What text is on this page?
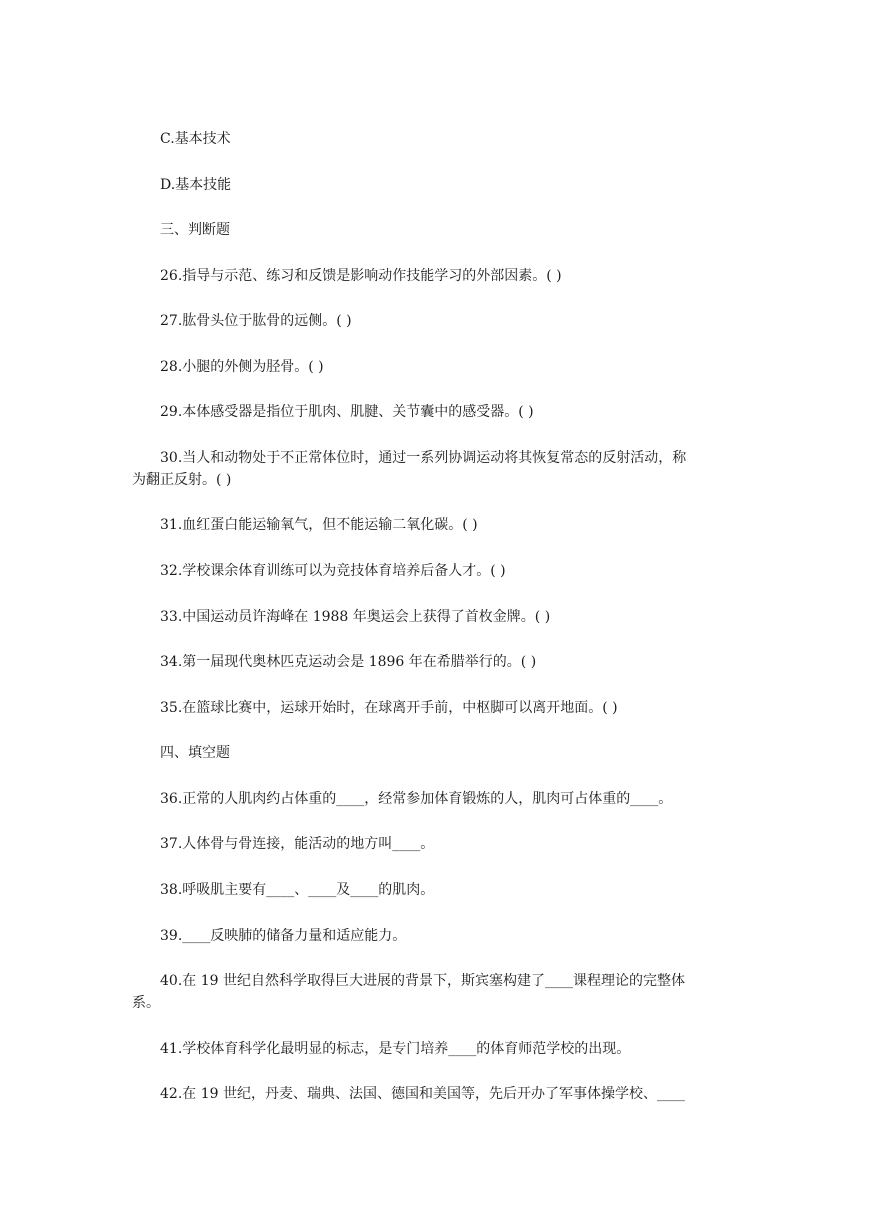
C.基本技术
D.基本技能
三、判断题
26.指导与示范、练习和反馈是影响动作技能学习的外部因素。( )
27.肱骨头位于肱骨的远侧。( )
28.小腿的外侧为胫骨。( )
29.本体感受器是指位于肌肉、肌腱、关节囊中的感受器。( )
30.当人和动物处于不正常体位时，通过一系列协调运动将其恢复常态的反射活动，称
为翻正反射。( )
31.血红蛋白能运输氧气，但不能运输二氧化碳。( )
32.学校课余体育训练可以为竞技体育培养后备人才。( )
33.中国运动员许海峰在 1988 年奥运会上获得了首枚金牌。( )
34.第一届现代奥林匹克运动会是 1896 年在希腊举行的。( )
35.在篮球比赛中，运球开始时，在球离开手前，中枢脚可以离开地面。( )
四、填空题
36.正常的人肌肉约占体重的____，经常参加体育锻炼的人，肌肉可占体重的____。
37.人体骨与骨连接，能活动的地方叫____。
38.呼吸肌主要有____、____及____的肌肉。
39.____反映肺的储备力量和适应能力。
40.在 19 世纪自然科学取得巨大进展的背景下，斯宾塞构建了____课程理论的完整体
系。
41.学校体育科学化最明显的标志，是专门培养____的体育师范学校的出现。
42.在 19 世纪，丹麦、瑞典、法国、德国和美国等，先后开办了军事体操学校、____
